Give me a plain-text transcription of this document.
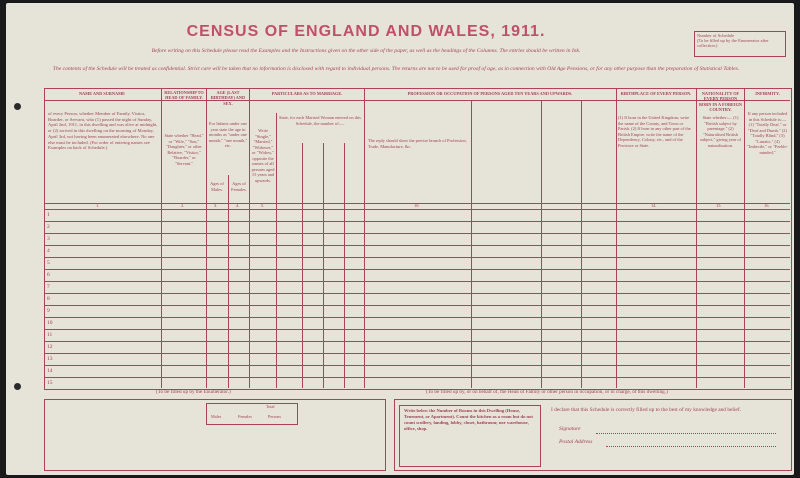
CENSUS OF ENGLAND AND WALES, 1911.
Before writing on this Schedule please read the Examples and the Instructions given on the other side of the paper, as well as the headings of the Columns. The entries should be written in Ink.
The contents of the Schedule will be treated as confidential. Strict care will be taken that no information is disclosed with regard to individual persons. The returns are not to be used for proof of age, as in connection with Old Age Pensions, or for any other purpose than the preparation of Statistical Tables.
Number of Schedule
(To be filled up by the Enumerator after collection.)
NAME AND SURNAME
of every Person, whether Member of Family, Visitor, Boarder, or Servant, who (1) passed the night of Sunday, April 2nd, 1911, in this dwelling and was alive at midnight, or (2) arrived in this dwelling on the morning of Monday, April 3rd, not having been enumerated elsewhere. No one else must be included. (For order of entering names see Examples on back of Schedule.)
RELATIONSHIP TO HEAD OF FAMILY.
State whether "Head," or "Wife," "Son," "Daughter," or other Relative, "Visitor," "Boarder," or "Servant."
AGE (LAST BIRTHDAY) AND SEX.
For Infants under one year state the age in months as "under one month," "one month," etc.
Ages of Males.
Ages of Females.
PARTICULARS AS TO MARRIAGE.
Write "Single," "Married," "Widower," or "Widow," opposite the names of all persons aged 15 years and upwards.
State, for each Married Woman entered on this Schedule, the number of:—
PROFESSION OR OCCUPATION OF PERSONS AGED TEN YEARS AND UPWARDS.
The reply should show the precise branch of Profession, Trade, Manufacture, &c.
BIRTHPLACE OF EVERY PERSON.
(1) If born in the United Kingdom, write the name of the County, and Town or Parish. (2) If born in any other part of the British Empire, write the name of the Dependency, Colony, etc., and of the Province or State.
NATIONALITY OF EVERY PERSON BORN IN A FOREIGN COUNTRY.
State whether:— (1) "British subject by parentage." (2) "Naturalised British subject," giving year of naturalisation.
INFIRMITY.
If any person included in this Schedule is:— (1) "Totally Deaf," or "Deaf and Dumb," (2) "Totally Blind," (3) "Lunatic," (4) "Imbecile," or "Feeble-minded,"
1.	2.	3.	4.	5.	10.	14.	15.	16.
1
2
3
4
5
6
7
8
9
10
11
12
13
14
15
(To be filled up by the Enumerator.)	(To be filled up by, or on behalf of, the Head of Family or other person in occupation, or in charge, of this dwelling.)
Total
Males	Females	Persons
Write below the Number of Rooms in this Dwelling (House, Tenement, or Apartment). Count the kitchen as a room but do not count scullery, landing, lobby, closet, bathroom; nor warehouse, office, shop.
I declare that this Schedule is correctly filled up to the best of my knowledge and belief.
Signature
Postal Address
